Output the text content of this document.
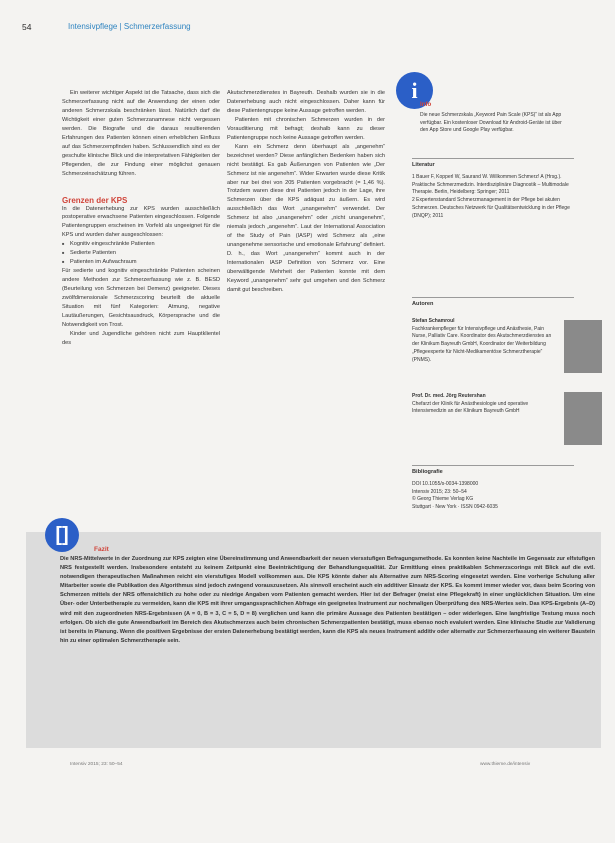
54	Intensivpflege | Schmerzerfassung

Ein weiterer wichtiger Aspekt ist die Tatsache, dass sich die Schmerzerfassung nicht auf die Anwendung der einen oder anderen Schmerzskala beschränken lässt. Natürlich darf die Wichtigkeit einer guten Schmerzanamnese nicht vergessen werden. Die Biografie und die daraus resultierenden Erfahrungen des Patienten können einen erheblichen Einfluss auf das Schmerzempfinden haben. Schlussendlich sind es der geschulte klinische Blick und die interpretativen Fähigkeiten der Pflegenden, die zur Findung einer möglichst genauen Schmerzeinschätzung führen.

Grenzen der KPS

In die Datenerhebung zur KPS wurden ausschließlich postoperative erwachsene Patienten eingeschlossen. Folgende Patientengruppen erscheinen im Vorfeld als ungeeignet für die KPS und wurden daher ausgeschlossen:

■ Kognitiv eingeschränkte Patienten
■ Sedierte Patienten
■ Patienten im Aufwachraum

Für sedierte und kognitiv eingeschränkte Patienten scheinen andere Methoden zur Schmerzerfassung wie z. B. BESD (Beurteilung von Schmerzen bei Demenz) geeigneter. Dieses zwölfdimensionale Schmerzscoring beurteilt die aktuelle Situation mit fünf Kategorien: Atmung, negative Lautäußerungen, Gesichtsausdruck, Körpersprache und die Notwendigkeit von Trost.

Kinder und Jugendliche gehören nicht zum Hauptklientel des

Akutschmerzdienstes in Bayreuth. Deshalb wurden sie in die Datenerhebung auch nicht eingeschlossen. Daher kann für diese Patientengruppe keine Aussage getroffen werden.

Patienten mit chronischen Schmerzen wurden in der Vorauditierung mit befragt; deshalb kann zu dieser Patientengruppe noch keine Aussage getroffen werden.

Kann ein Schmerz denn überhaupt als „angenehm“ bezeichnet werden? Diese anfänglichen Bedenken haben sich nicht bestätigt. Es gab Äußerungen von Patienten wie „Der Schmerz ist nie angenehm“. Wider Erwarten wurde diese Kritik aber nur bei drei von 205 Patienten vorgebracht (= 1,46 %). Trotzdem waren diese drei Patienten jedoch in der Lage, ihre Schmerzen über die KPS adäquat zu äußern. Es wird ausschließlich das Wort „unangenehm“ verwendet. Der Schmerz ist also „unangenehm“ oder „nicht unangenehm“, niemals jedoch „angenehm“. Laut der International Association of the Study of Pain (IASP) wird Schmerz als „eine unangenehme sensorische und emotionale Erfahrung“ definiert. D. h., das Wort „unangenehm“ kommt auch in der Internationalen IASP Definition von Schmerz vor. Eine überwältigende Mehrheit der Patienten konnte mit dem Keyword „unangenehm“ sehr gut umgehen und den Schmerz damit gut beschreiben.

i
Info
Die neue Schmerzskala „Keyword Pain Scale (KPS)“ ist als App verfügbar. Ein kostenloser Download für Android-Geräte ist über den App Store und Google Play verfügbar.
Literatur
1 Bauer F, Kopperl W, Saurand W. Willkommen Schmerz! A (Hrsg.). Praktische Schmerzmedizin. Interdisziplinäre Diagnostik – Multimodale Therapie. Berlin, Heidelberg: Springer; 2011
2 Expertenstandard Schmerzmanagement in der Pflege bei akuten Schmerzen. Deutsches Netzwerk für Qualitätsentwicklung in der Pflege (DNQP); 2011
Autoren
Stefan Schamroul
Fachkrankenpfleger für Intensivpflege und Anästhesie, Pain Nurse, Palliativ Care. Koordinator des Akutschmerzdienstes an der Klinikum Bayreuth GmbH, Koordinator der Weiterbildung „Pflegeexperte für Nicht-Medikamentöse Schmerztherapie“ (PNMS).
Prof. Dr. med. Jörg Reutershan
Chefarzt der Klinik für Anästhesiologie und operative Intensivmedizin an der Klinikum Bayreuth GmbH
Bibliografie
DOI 10.1055/s-0034-1398000
Intensiv 2015; 23: 50–54
© Georg Thieme Verlag KG
Stuttgart · New York · ISSN 0942-6035
[]
Fazit

Die NRS-Mittelwerte in der Zuordnung zur KPS zeigten eine Übereinstimmung und Anwendbarkeit der neuen viersstufigen Befragungsmethode. Es konnten keine Nachteile im Gegensatz zur elfstufigen NRS festgestellt werden. Insbesondere entsteht zu keinem Zeitpunkt eine Beeinträchtigung der Behandlungsqualität. Zur Ermittlung eines praktikablen Schmerzscorings mit Blick auf die evtl. notwendigen therapeutischen Maßnahmen reicht ein vierstufiges Modell vollkommen aus. Die KPS könnte daher als Alternative zum NRS-Scoring eingesetzt werden. Eine vorherige Schulung aller Mitarbeiter sowie die Publikation des Algorithmus sind jedoch zwingend vorauszusetzen. Als sinnvoll erscheint auch ein additiver Einsatz der KPS. Es kommt immer wieder vor, dass beim Scoring von Schmerzen mittels der NRS offensichtlich zu hohe oder zu niedrige Angaben vom Patienten gemacht werden. Hier ist der Befrager (meist eine Pflegekraft) in einer unglücklichen Situation. Um eine Über- oder Unterbetherapie zu vermeiden, kann die KPS mit ihrer umgangssprachlichen Abfrage ein geeignetes Instrument zur nochmaligen Überprüfung des NRS-Wertes sein. Das KPS-Ergebnis (A–D) wird mit den zugeordneten NRS-Ergebnissen (A = 0, B = 3, C = 5, D = 8) verglichen und kann die primäre Aussage des Patienten bestätigen – oder widerlegen. Eine langfristige Testung muss noch erfolgen. Ob sich die gute Anwendbarkeit im Bereich des Akutschmerzes auch beim chronischen Schmerzpatienten bestätigt, muss ebenso noch evaluiert werden. Eine klinische Studie zur Validierung ist bereits in Planung. Wenn die positiven Ergebnisse der ersten Datenerhebung bestätigt werden, kann die KPS als neues Instrument additiv oder alternativ zur Schmerzerfassung ein weiterer Baustein hin zu einer optimalen Schmerztherapie sein.

Intensiv 2015; 23: 50–54	www.thieme.de/intensiv
